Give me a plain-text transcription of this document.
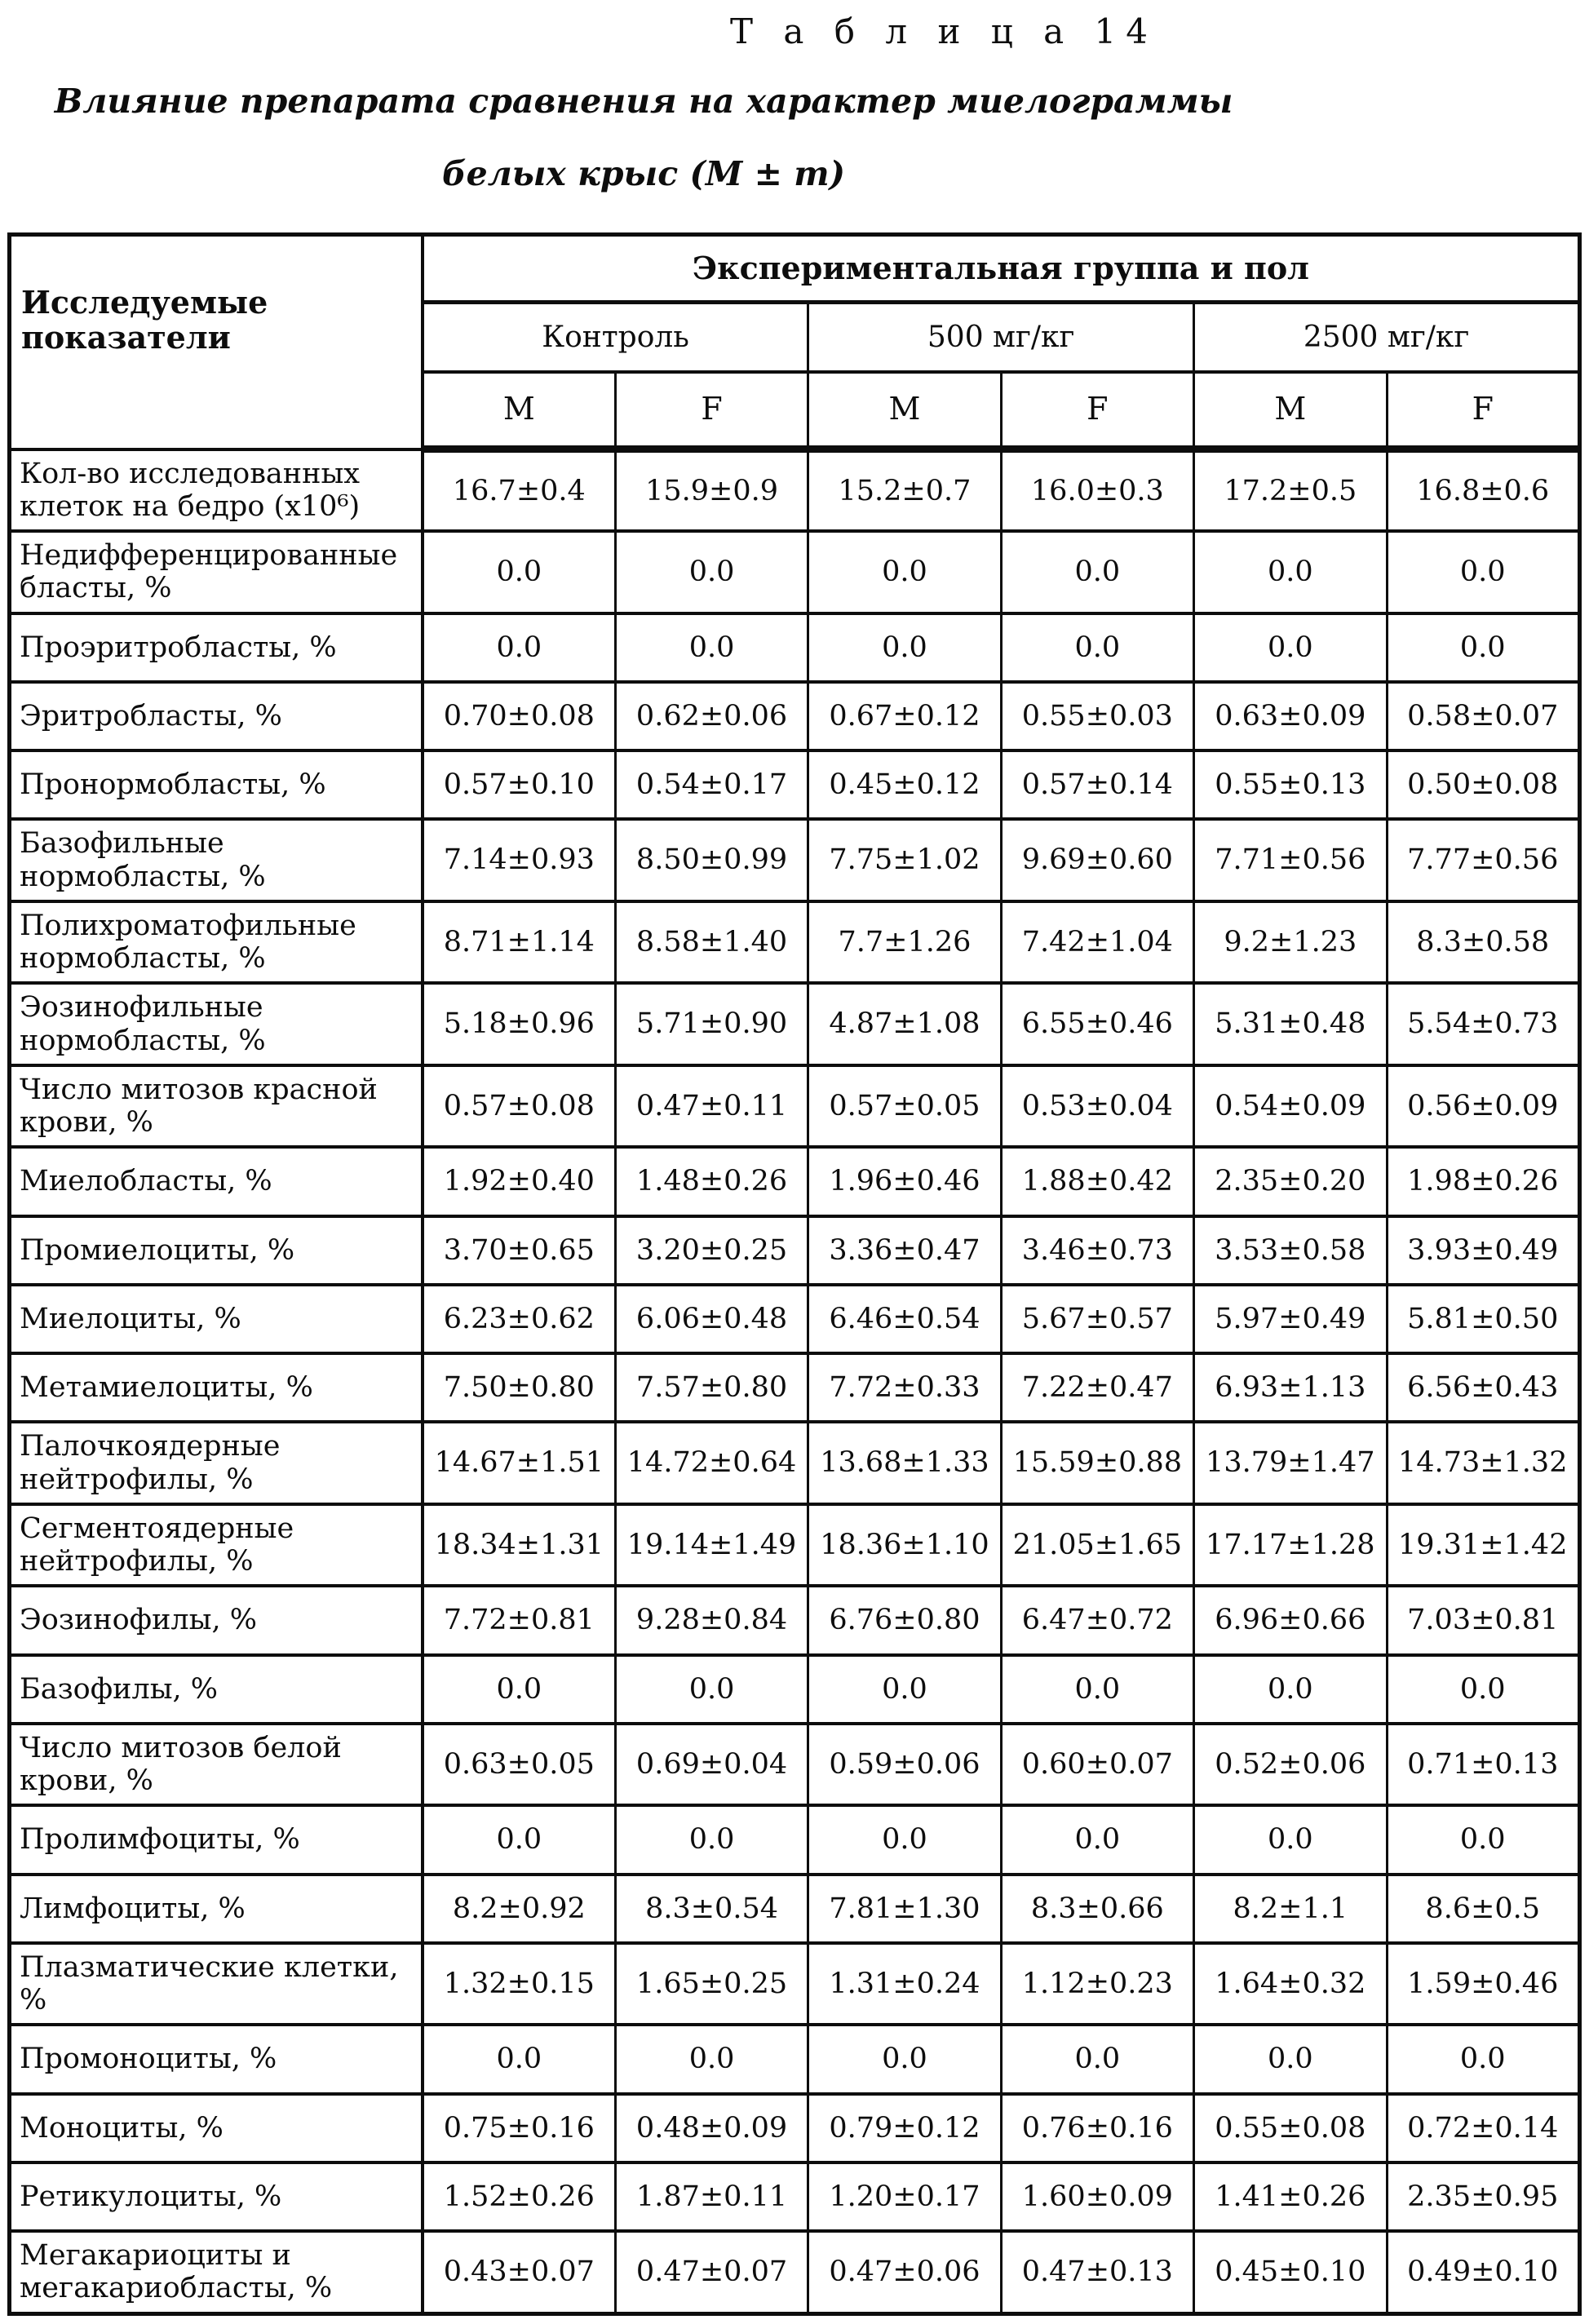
Т а б л и ц а 14
Влияние препарата сравнения на характер миелограммы
белых крыс (М ± m)
Исследуемые показатели	Экспериментальная группа и пол					
	Контроль		500 мг/кг		2500 мг/кг	
	M	F	M	F	M	F
Кол-во исследованных клеток на бедро (х10⁶)	16.7±0.4	15.9±0.9	15.2±0.7	16.0±0.3	17.2±0.5	16.8±0.6
Недифференцированные бласты, %	0.0	0.0	0.0	0.0	0.0	0.0
Проэритробласты, %	0.0	0.0	0.0	0.0	0.0	0.0
Эритробласты, %	0.70±0.08	0.62±0.06	0.67±0.12	0.55±0.03	0.63±0.09	0.58±0.07
Пронормобласты, %	0.57±0.10	0.54±0.17	0.45±0.12	0.57±0.14	0.55±0.13	0.50±0.08
Базофильные нормобласты, %	7.14±0.93	8.50±0.99	7.75±1.02	9.69±0.60	7.71±0.56	7.77±0.56
Полихроматофильные нормобласты, %	8.71±1.14	8.58±1.40	7.7±1.26	7.42±1.04	9.2±1.23	8.3±0.58
Эозинофильные нормобласты, %	5.18±0.96	5.71±0.90	4.87±1.08	6.55±0.46	5.31±0.48	5.54±0.73
Число митозов красной крови, %	0.57±0.08	0.47±0.11	0.57±0.05	0.53±0.04	0.54±0.09	0.56±0.09
Миелобласты, %	1.92±0.40	1.48±0.26	1.96±0.46	1.88±0.42	2.35±0.20	1.98±0.26
Промиелоциты, %	3.70±0.65	3.20±0.25	3.36±0.47	3.46±0.73	3.53±0.58	3.93±0.49
Миелоциты, %	6.23±0.62	6.06±0.48	6.46±0.54	5.67±0.57	5.97±0.49	5.81±0.50
Метамиелоциты, %	7.50±0.80	7.57±0.80	7.72±0.33	7.22±0.47	6.93±1.13	6.56±0.43
Палочкоядерные нейтрофилы, %	14.67±1.51	14.72±0.64	13.68±1.33	15.59±0.88	13.79±1.47	14.73±1.32
Сегментоядерные нейтрофилы, %	18.34±1.31	19.14±1.49	18.36±1.10	21.05±1.65	17.17±1.28	19.31±1.42
Эозинофилы, %	7.72±0.81	9.28±0.84	6.76±0.80	6.47±0.72	6.96±0.66	7.03±0.81
Базофилы, %	0.0	0.0	0.0	0.0	0.0	0.0
Число митозов белой крови, %	0.63±0.05	0.69±0.04	0.59±0.06	0.60±0.07	0.52±0.06	0.71±0.13
Пролимфоциты, %	0.0	0.0	0.0	0.0	0.0	0.0
Лимфоциты, %	8.2±0.92	8.3±0.54	7.81±1.30	8.3±0.66	8.2±1.1	8.6±0.5
Плазматические клетки, %	1.32±0.15	1.65±0.25	1.31±0.24	1.12±0.23	1.64±0.32	1.59±0.46
Промоноциты, %	0.0	0.0	0.0	0.0	0.0	0.0
Моноциты, %	0.75±0.16	0.48±0.09	0.79±0.12	0.76±0.16	0.55±0.08	0.72±0.14
Ретикулоциты, %	1.52±0.26	1.87±0.11	1.20±0.17	1.60±0.09	1.41±0.26	2.35±0.95
Мегакариоциты и мегакариобласты, %	0.43±0.07	0.47±0.07	0.47±0.06	0.47±0.13	0.45±0.10	0.49±0.10
